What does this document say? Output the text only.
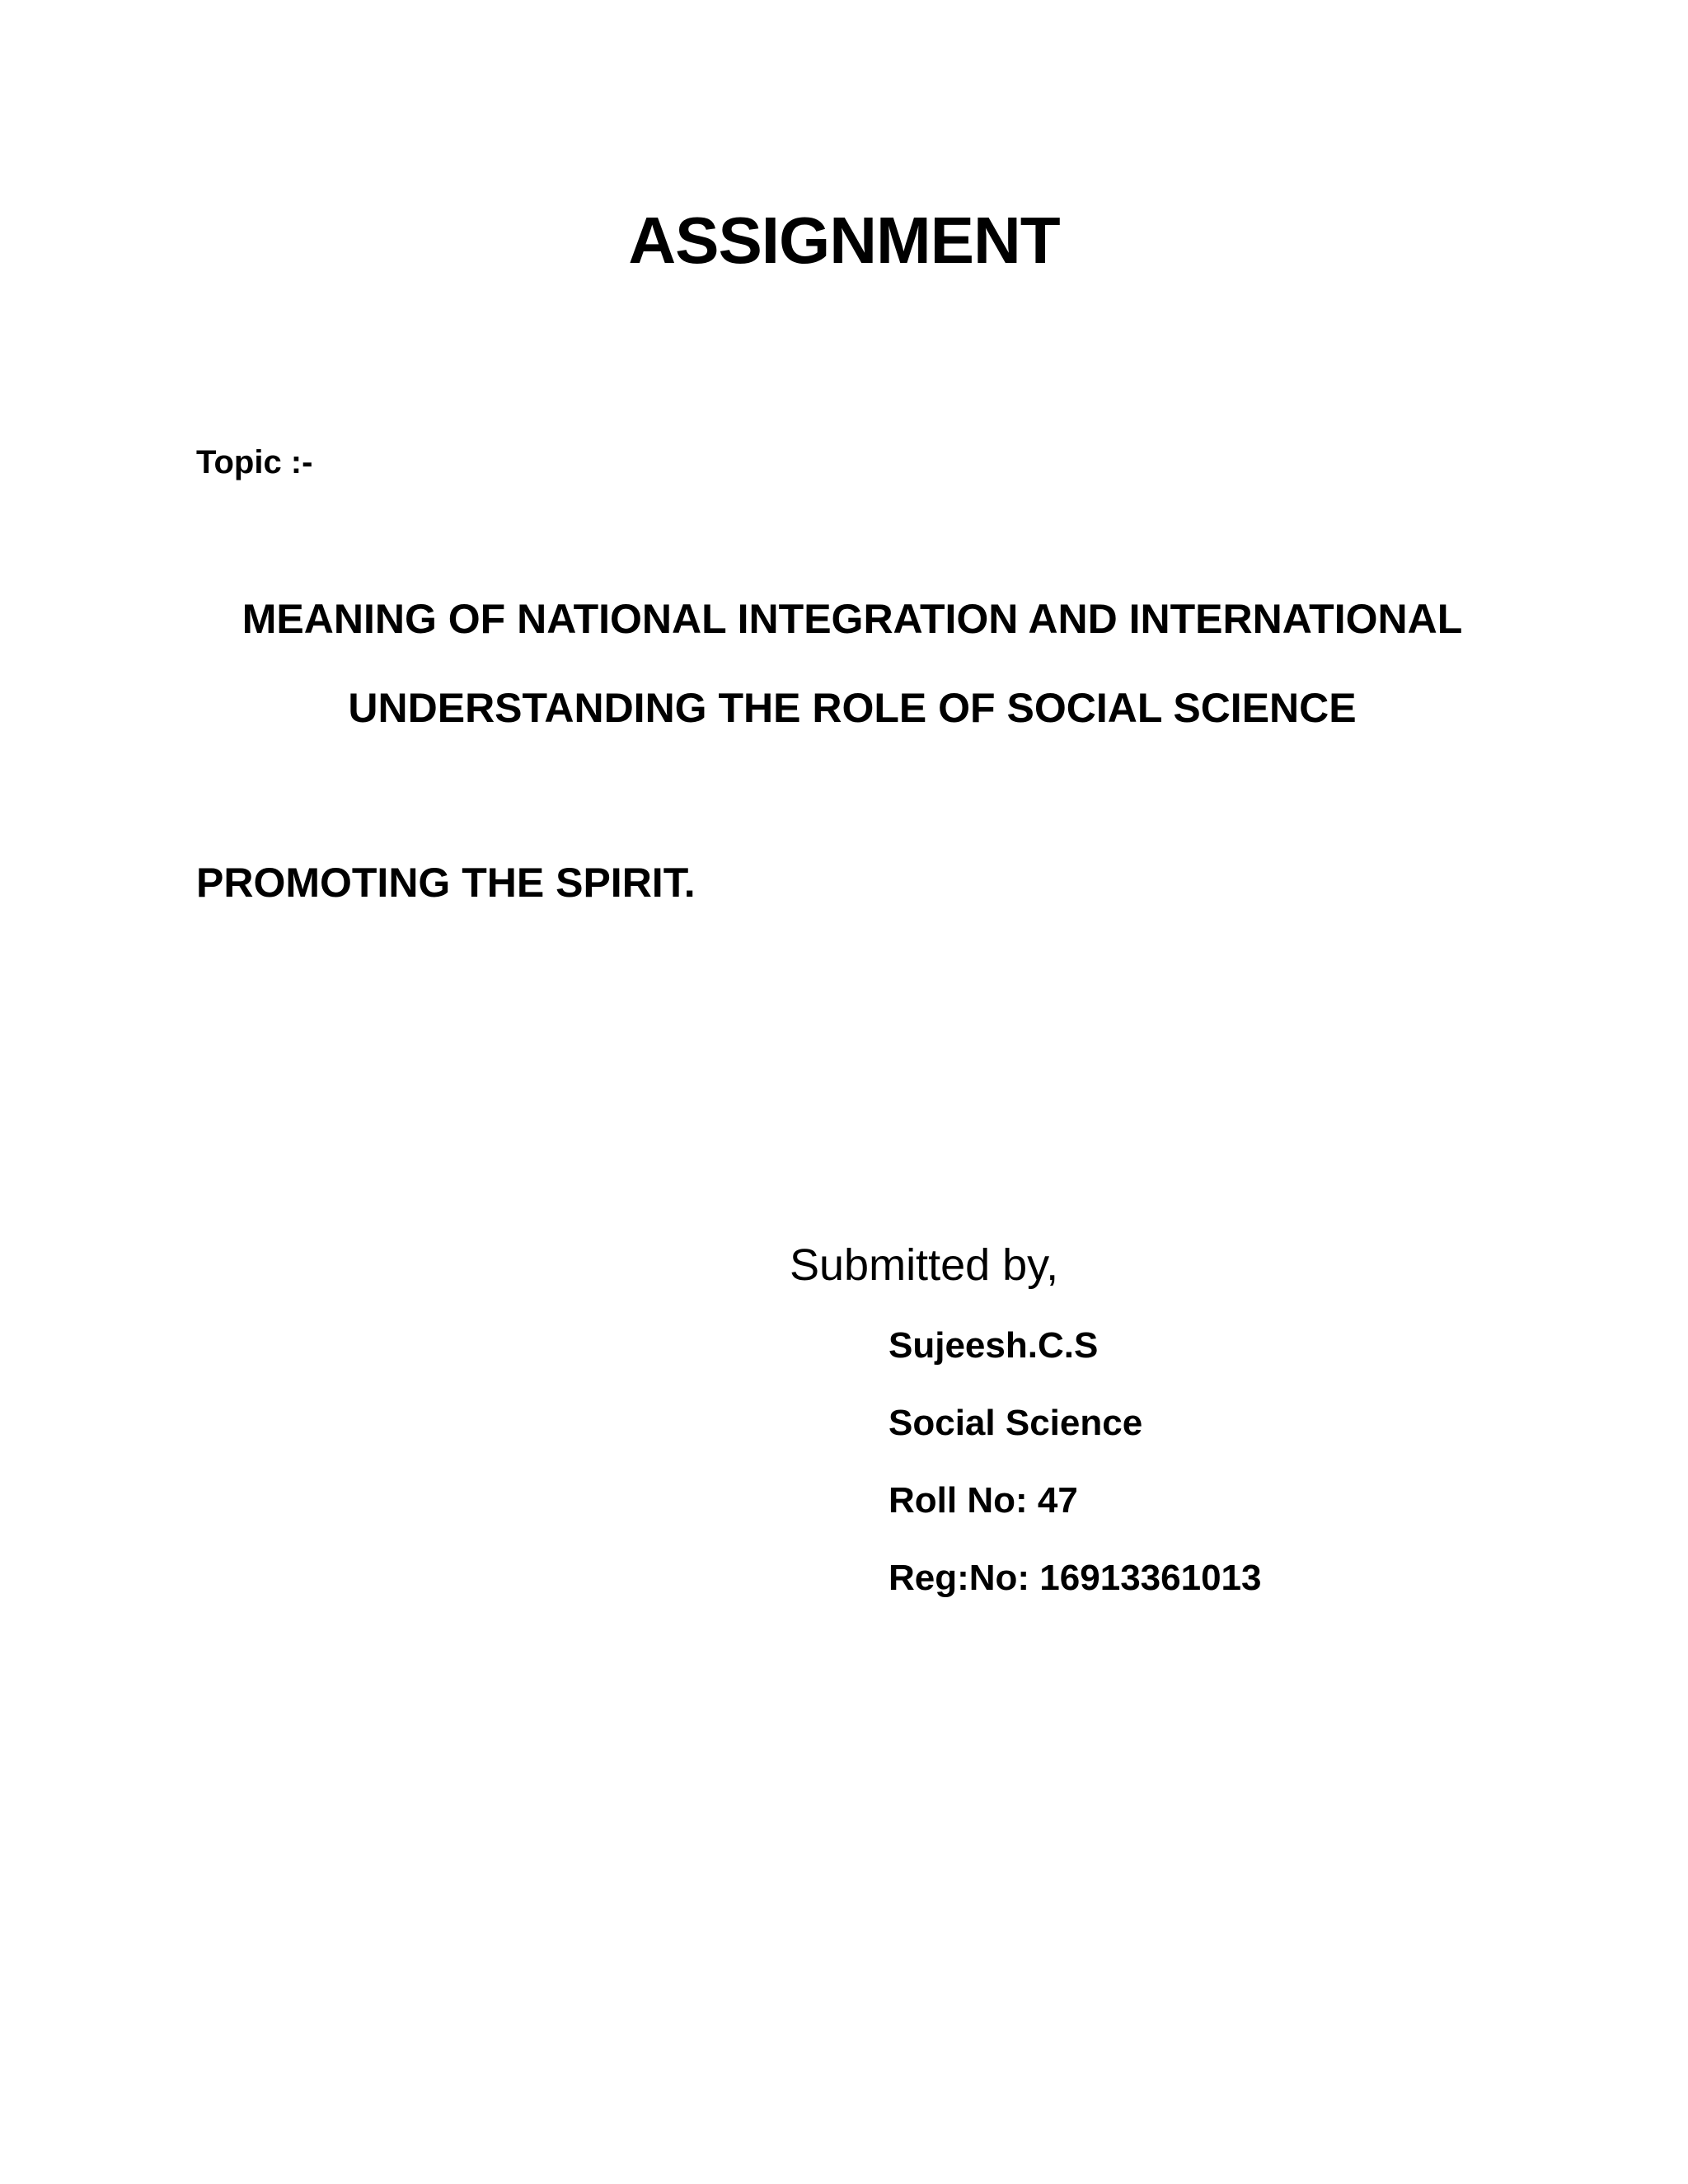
ASSIGNMENT
Topic :-
MEANING OF NATIONAL INTEGRATION AND INTERNATIONAL
UNDERSTANDING THE ROLE OF SOCIAL SCIENCE
PROMOTING THE SPIRIT.
Submitted by,
Sujeesh.C.S
Social Science
Roll No: 47
Reg:No: 16913361013
